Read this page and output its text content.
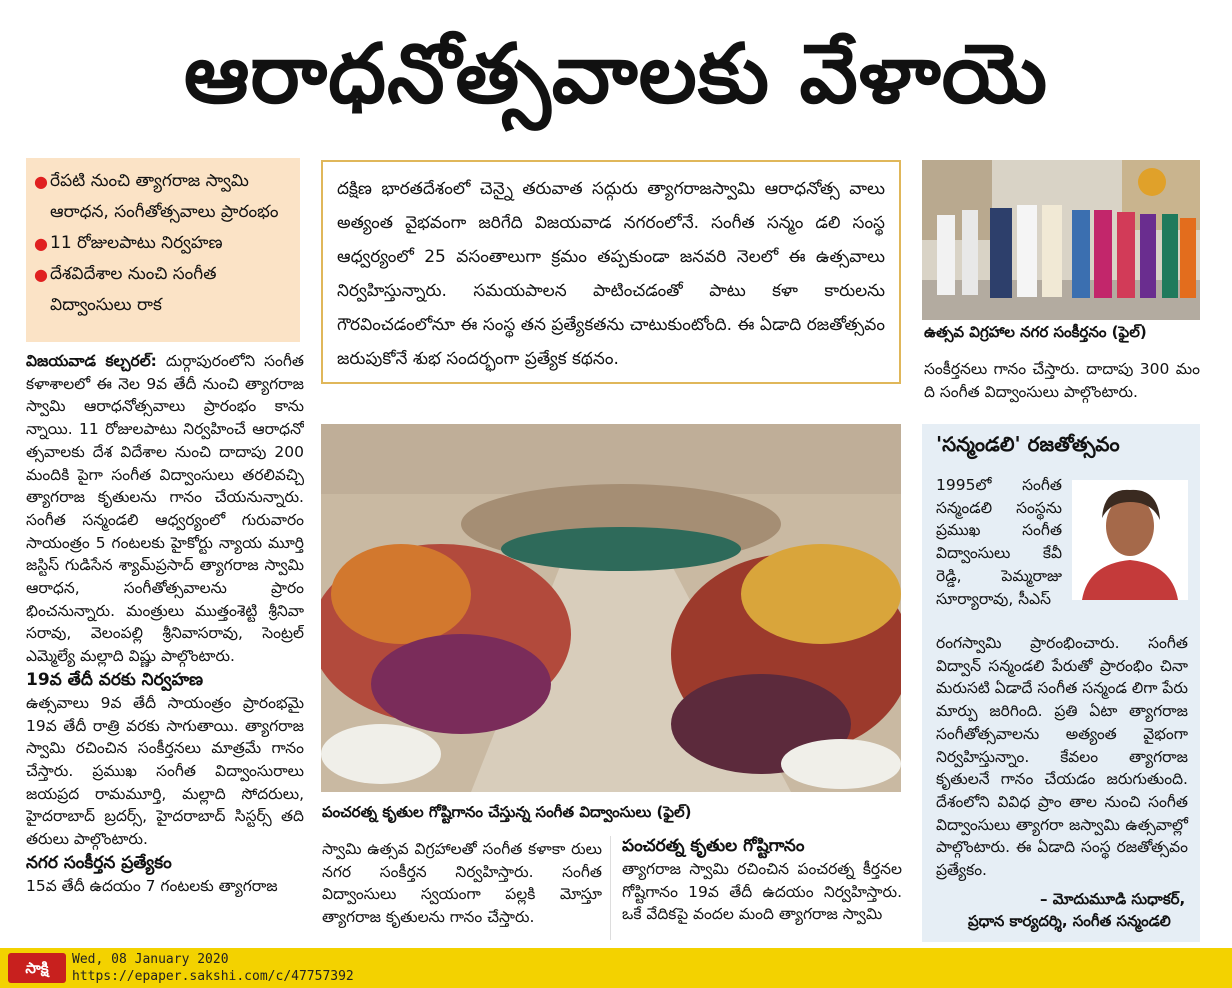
ఆరాధనోత్సవాలకు వేళాయె
● రేపటి నుంచి త్యాగరాజ స్వామి ఆరాధన, సంగీతోత్సవాలు ప్రారంభం
● 11 రోజులపాటు నిర్వహణ
● దేశవిదేశాల నుంచి సంగీత విద్వాంసులు రాక
విజయవాడ కల్చరల్: దుర్గాపురంలోని సంగీత కళాశాలలో ఈ నెల 9వ తేదీ నుంచి త్యాగరాజ స్వామి ఆరాధనోత్సవాలు ప్రారంభం కాను న్నాయి. 11 రోజులపాటు నిర్వహించే ఆరాధనో త్సవాలకు దేశ విదేశాల నుంచి దాదాపు 200 మందికి పైగా సంగీత విద్వాంసులు తరలివచ్చి త్యాగరాజ కృతులను గానం చేయనున్నారు. సంగీత సన్మండలి ఆధ్వర్యంలో గురువారం సాయంత్రం 5 గంటలకు హైకోర్టు న్యాయ మూర్తి జస్టిస్ గుడిసేన శ్యామ్‌ప్రసాద్ త్యాగరాజ స్వామి ఆరాధన, సంగీతోత్సవాలను ప్రారం భించనున్నారు. మంత్రులు ముత్తంశెట్టి శ్రీనివా సరావు, వెలంపల్లి శ్రీనివాసరావు, సెంట్రల్ ఎమ్మెల్యే మల్లాది విష్ణు పాల్గొంటారు.
19వ తేదీ వరకు నిర్వహణ
ఉత్సవాలు 9వ తేదీ సాయంత్రం ప్రారంభమై 19వ తేదీ రాత్రి వరకు సాగుతాయి. త్యాగరాజ స్వామి రచించిన సంకీర్తనలు మాత్రమే గానం చేస్తారు. ప్రముఖ సంగీత విద్వాంసురాలు జయప్రద రామమూర్తి, మల్లాది సోదరులు, హైదరాబాద్ బ్రదర్స్, హైదరాబాద్ సిస్టర్స్ తది తరులు పాల్గొంటారు.
నగర సంకీర్తన ప్రత్యేకం
15వ తేదీ ఉదయం 7 గంటలకు త్యాగరాజ
దక్షిణ భారతదేశంలో చెన్నై తరువాత సద్గురు త్యాగరాజస్వామి ఆరాధనోత్స వాలు అత్యంత వైభవంగా జరిగేది విజయవాడ నగరంలోనే. సంగీత సన్మం డలి సంస్థ ఆధ్వర్యంలో 25 వసంతాలుగా క్రమం తప్పకుండా జనవరి నెలలో ఈ ఉత్సవాలు నిర్వహిస్తున్నారు. సమయపాలన పాటించడంతో పాటు కళా కారులను గౌరవించడంలోనూ ఈ సంస్థ తన ప్రత్యేకతను చాటుకుంటోంది. ఈ ఏడాది రజతోత్సవం జరుపుకోనే శుభ సందర్భంగా ప్రత్యేక కథనం.
ఉత్సవ విగ్రహాల నగర సంకీర్తనం (ఫైల్)
సంకీర్తనలు గానం చేస్తారు. దాదాపు 300 మం ది సంగీత విద్వాంసులు పాల్గొంటారు.
పంచరత్న కృతుల గోష్టిగానం చేస్తున్న సంగీత విద్వాంసులు (ఫైల్)
స్వామి ఉత్సవ విగ్రహాలతో సంగీత కళాకా రులు నగర సంకీర్తన నిర్వహిస్తారు. సంగీత విద్వాంసులు స్వయంగా పల్లకి మోస్తూ త్యాగరాజ కృతులను గానం చేస్తారు.
పంచరత్న కృతుల గోష్టిగానం
త్యాగరాజ స్వామి రచించిన పంచరత్న కీర్తనల గోష్టిగానం 19వ తేదీ ఉదయం నిర్వహిస్తారు. ఒకే వేదికపై వందల మంది త్యాగరాజ స్వామి
'సన్మండలి' రజతోత్సవం
1995లో సంగీత సన్మండలి సంస్థను ప్రముఖ సంగీత విద్వాంసులు కేవీ రెడ్డి, పెమ్మరాజు సూర్యారావు, సీఎస్
రంగస్వామి ప్రారంభించారు. సంగీత విద్వాన్ సన్మండలి పేరుతో ప్రారంభిం చినా మరుసటి ఏడాదే సంగీత సన్మండ లిగా పేరు మార్పు జరిగింది. ప్రతి ఏటా త్యాగరాజ సంగీతోత్సవాలను అత్యంత వైభంగా నిర్వహిస్తున్నాం. కేవలం త్యాగరాజ కృతులనే గానం చేయడం జరుగుతుంది. దేశంలోని వివిధ ప్రాం తాల నుంచి సంగీత విద్వాంసులు త్యాగరా జస్వామి ఉత్సవాల్లో పాల్గొంటారు. ఈ ఏడాది సంస్థ రజతోత్సవం ప్రత్యేకం.
– మోదుమూడి సుధాకర్,
ప్రధాన కార్యదర్శి, సంగీత సన్మండలి
సాక్షి	Wed, 08 January 2020
https://epaper.sakshi.com/c/47757392
